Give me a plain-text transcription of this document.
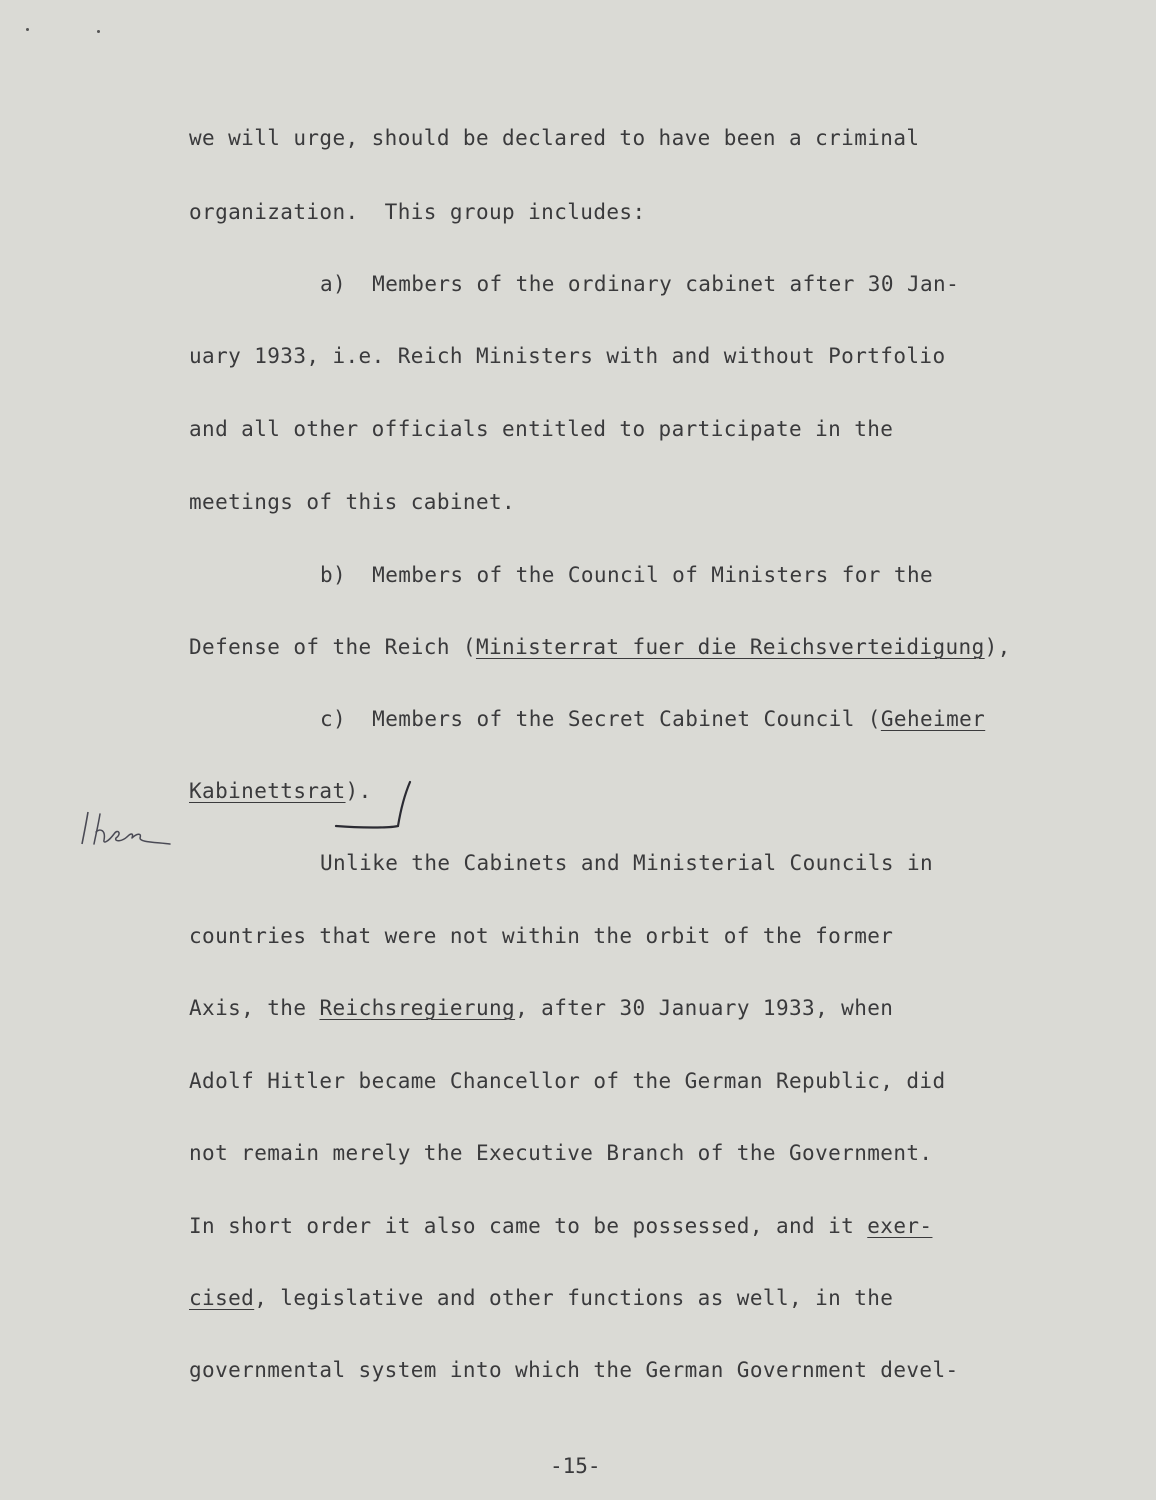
we will urge, should be declared to have been a criminal
organization.  This group includes:
a)  Members of the ordinary cabinet after 30 Jan-
uary 1933, i.e. Reich Ministers with and without Portfolio
and all other officials entitled to participate in the
meetings of this cabinet.
b)  Members of the Council of Ministers for the
Defense of the Reich (Ministerrat fuer die Reichsverteidigung),
c)  Members of the Secret Cabinet Council (Geheimer
Kabinettsrat).
Unlike the Cabinets and Ministerial Councils in
countries that were not within the orbit of the former
Axis, the Reichsregierung, after 30 January 1933, when
Adolf Hitler became Chancellor of the German Republic, did
not remain merely the Executive Branch of the Government.
In short order it also came to be possessed, and it exer-
cised, legislative and other functions as well, in the
governmental system into which the German Government devel-
-15-
